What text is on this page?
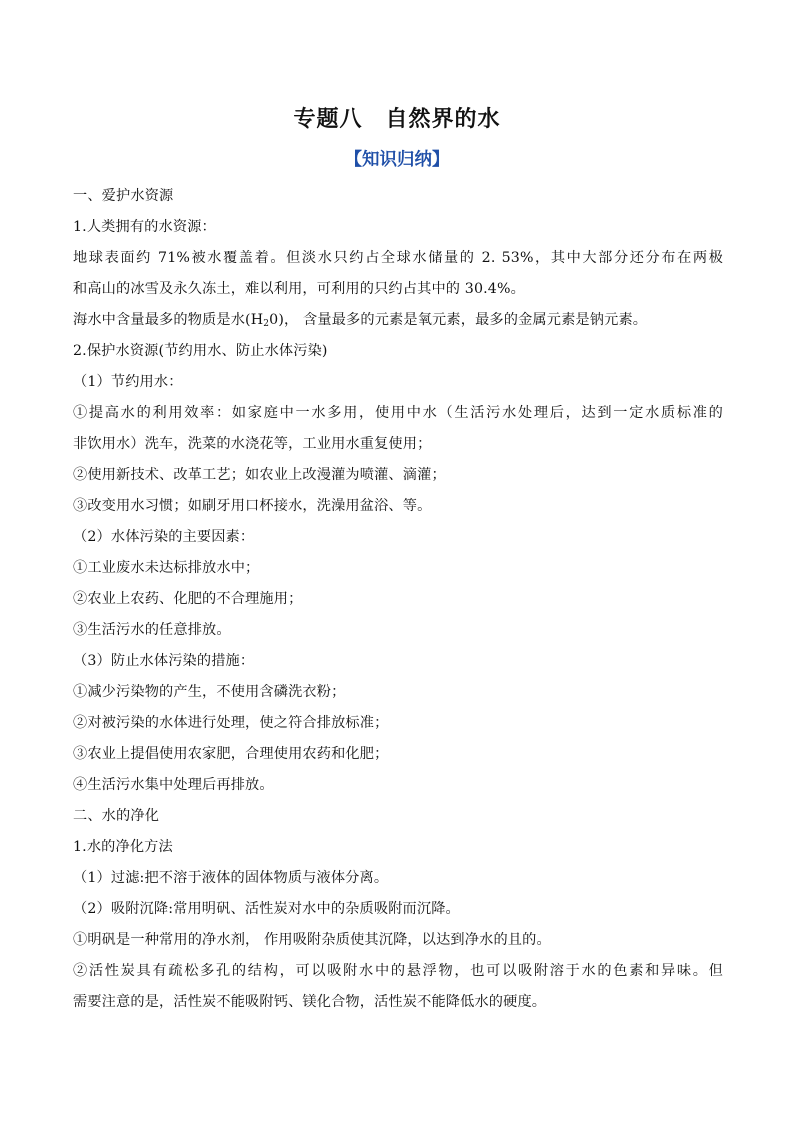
专题八　自然界的水
【知识归纳】
一、爱护水资源
1.人类拥有的水资源：
地球表面约 71%被水覆盖着。但淡水只约占全球水储量的 2. 53%，其中大部分还分布在两极
和高山的冰雪及永久冻土，难以利用，可利用的只约占其中的 30.4%。
海水中含量最多的物质是水$(H_20)$， 含量最多的元素是氧元素，最多的金属元素是钠元素。
2.保护水资源(节约用水、防止水体污染)
（1）节约用水：
①提高水的利用效率：如家庭中一水多用，使用中水（生活污水处理后，达到一定水质标准的
非饮用水）洗车，洗菜的水浇花等，工业用水重复使用；
②使用新技术、改革工艺；如农业上改漫灌为喷灌、滴灌；
③改变用水习惯；如刷牙用口杯接水，洗澡用盆浴、等。
（2）水体污染的主要因素：
①工业废水未达标排放水中；
②农业上农药、化肥的不合理施用；
③生活污水的任意排放。
（3）防止水体污染的措施：
①减少污染物的产生，不使用含磷洗衣粉；
②对被污染的水体进行处理，使之符合排放标准；
③农业上提倡使用农家肥，合理使用农药和化肥；
④生活污水集中处理后再排放。
二、水的净化
1.水的净化方法
（1）过滤:把不溶于液体的固体物质与液体分离。
（2）吸附沉降:常用明矾、活性炭对水中的杂质吸附而沉降。
①明矾是一种常用的净水剂， 作用吸附杂质使其沉降，以达到净水的且的。
②活性炭具有疏松多孔的结构，可以吸附水中的悬浮物，也可以吸附溶于水的色素和异味。但
需要注意的是，活性炭不能吸附钙、镁化合物，活性炭不能降低水的硬度。
